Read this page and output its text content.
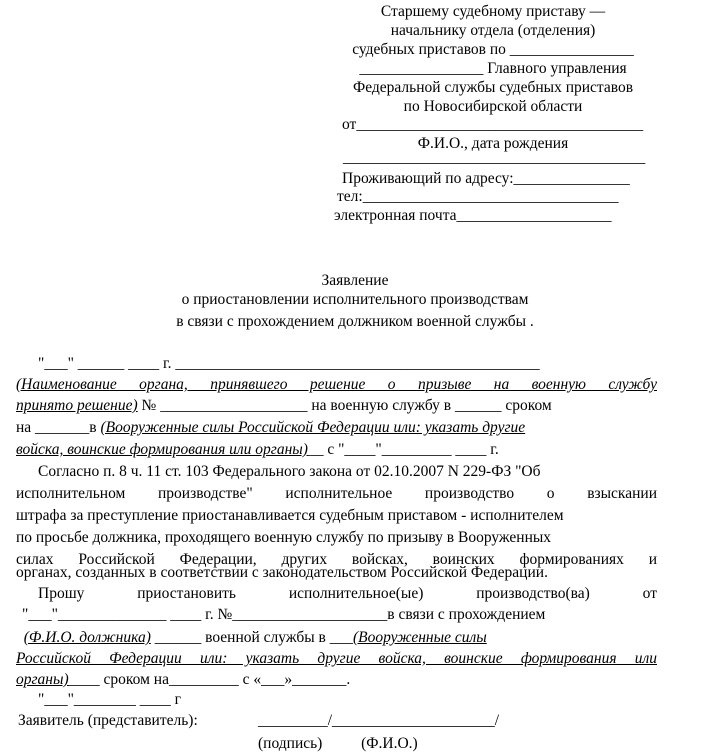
Старшему судебному приставу —
начальнику отдела (отделения)
судебных приставов по ________________
________________ Главного управления
Федеральной службы судебных приставов
по Новосибирской области
от_____________________________________
Ф.И.О., дата рождения
_______________________________________
Проживающий по адресу:_______________
тел:_________________________________
электронная почта____________________
Заявление
о приостановлении исполнительного производствам
в связи с прохождением должником военной службы .
"___" ______ ____ г. _______________________________________________
(Наименование органа, принявшего решение о призыве на военную службу
принято решение) № ___________________ на военную службу в ______ сроком
на _______в (Вооруженные силы Российской Федерации или: указать другие
войска, воинские формирования или органы)__ с "____"_________ ____ г.
Согласно п. 8 ч. 11 ст. 103 Федерального закона от 02.10.2007 N 229-ФЗ "Об
исполнительном производстве" исполнительное производство о взыскании
штрафа за преступление приостанавливается судебным приставом - исполнителем
по просьбе должника, проходящего военную службу по призыву в Вооруженных
силах Российской Федерации, других войсках, воинских формированиях и
органах, созданных в соответствии с законодательством Российской Федерации.
Прошу приостановить исполнительное(ые) производство(ва) от
"___"______________ ____ г. №____________________в связи с прохождением
(Ф.И.О. должника) ______ военной службы в ___(Вооруженные силы
Российской Федерации или: указать другие войска, воинские формирования или
органы)____ сроком на_________ с «___»_______.
"___"________ ____ г
Заявитель (представитель):	_________/_____________________/
(подпись)          (Ф.И.О.)
